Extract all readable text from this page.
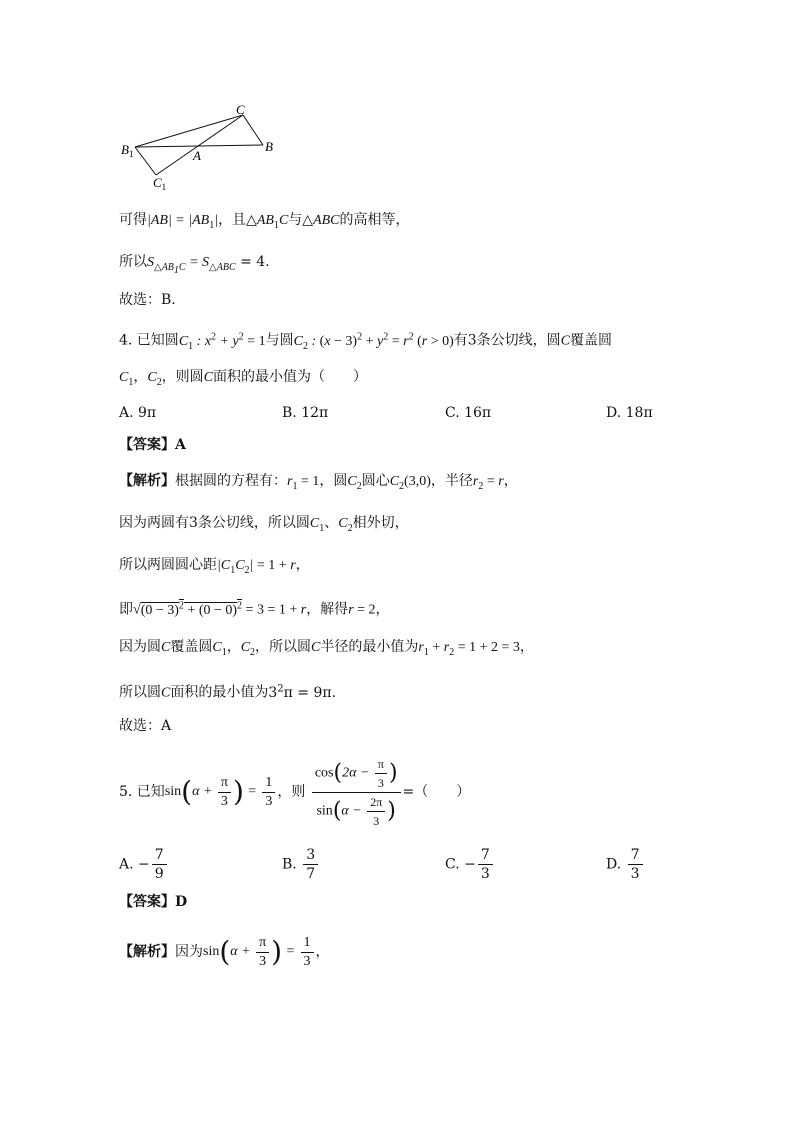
C
$B_1$	A
B
$C_1$
可得$|AB| = |AB_1|$，且$\triangle AB_1C$与△ABC的高相等，
所以$S_{\triangle AB_1C} = S_{\triangle ABC} = 4$.
故选：B.
4. 已知圆$C_1$ : $x^2 + y^2 = 1$与圆$C_2$ : $(x - 3)^2 + y^2 = r^2$ (r > 0)有3条公切线，圆C覆盖圆
$C_1$，$C_2$，则圆C面积的最小值为（　　）
A. 9π	B. 12π	C. 16π	D. 18π
【答案】A
【解析】根据圆的方程有：$r_1 = 1$，圆$C_2$圆心$C_2(3,0)$，半径$r_2 = r$，
因为两圆有3条公切线，所以圆$C_1$、$C_2$相外切，
所以两圆圆心距$|C_1C_2| = 1 + r$，
即$√(0 - 3)^2 + (0 - 0)^2 = 3 = 1 + r$，解得r = 2，
因为圆C覆盖圆$C_1$，$C_2$，所以圆C半径的最小值为$r_1 + r_2 = 1 + 2 = 3$，
所以圆C面积的最小值为$3^2\pi = 9\pi$.
故选：A
5. 已知$\sin(\alpha + \frac{\pi}{3}$ ) = $\frac{1}{3}$ ，则 $\frac{\cos(2\alpha - \frac{\pi}{3} )}{\sin(\alpha - \frac{2\pi}{3} )}$ =（　　）
A. − $\frac{7}{9}$	B. $\frac{3}{7}$	C. − $\frac{7}{3}$	D. $\frac{7}{3}$
【答案】D
【解析】因为$\sin(\alpha + \frac{\pi}{3}$ ) = $\frac{1}{3}$ ，
